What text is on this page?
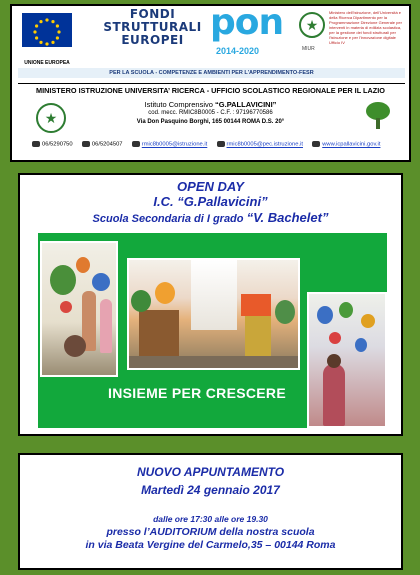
UNIONE EUROPEA
FONDI
STRUTTURALI
EUROPEI pon
2014-2020
★
MIUR
Ministero dell'Istruzione, dell'Università e della Ricerca Dipartimento per la Programmazione Direzione Generale per interventi in materia di edilizia scolastica, per la gestione dei fondi strutturali per l'istruzione e per l'innovazione digitale Ufficio IV
PER LA SCUOLA - COMPETENZE E AMBIENTI PER L'APPRENDIMENTO-FESR
MINISTERO ISTRUZIONE UNIVERSITA’ RICERCA - UFFICIO SCOLASTICO REGIONALE PER IL LAZIO
★
Istituto Comprensivo “G.PALLAVICINI”
cod. mecc. RMIC8B0005 - C.F. : 97196770586
Via Don Pasquino Borghi, 165 00144 ROMA D.S. 20°
06/5290750	06/5204507	rmic8b0005@istruzione.it	rmic8b0005@pec.istruzione.it	www.icpallavicini.gov.it
OPEN DAY
I.C. “G.Pallavicini”
Scuola Secondaria di I grado “V. Bachelet”
INSIEME PER CRESCERE
NUOVO APPUNTAMENTO
Martedì 24 gennaio 2017
dalle ore 17:30 alle ore 19.30
presso l’AUDITORIUM della nostra scuola
in via Beata Vergine del Carmelo,35 – 00144 Roma
